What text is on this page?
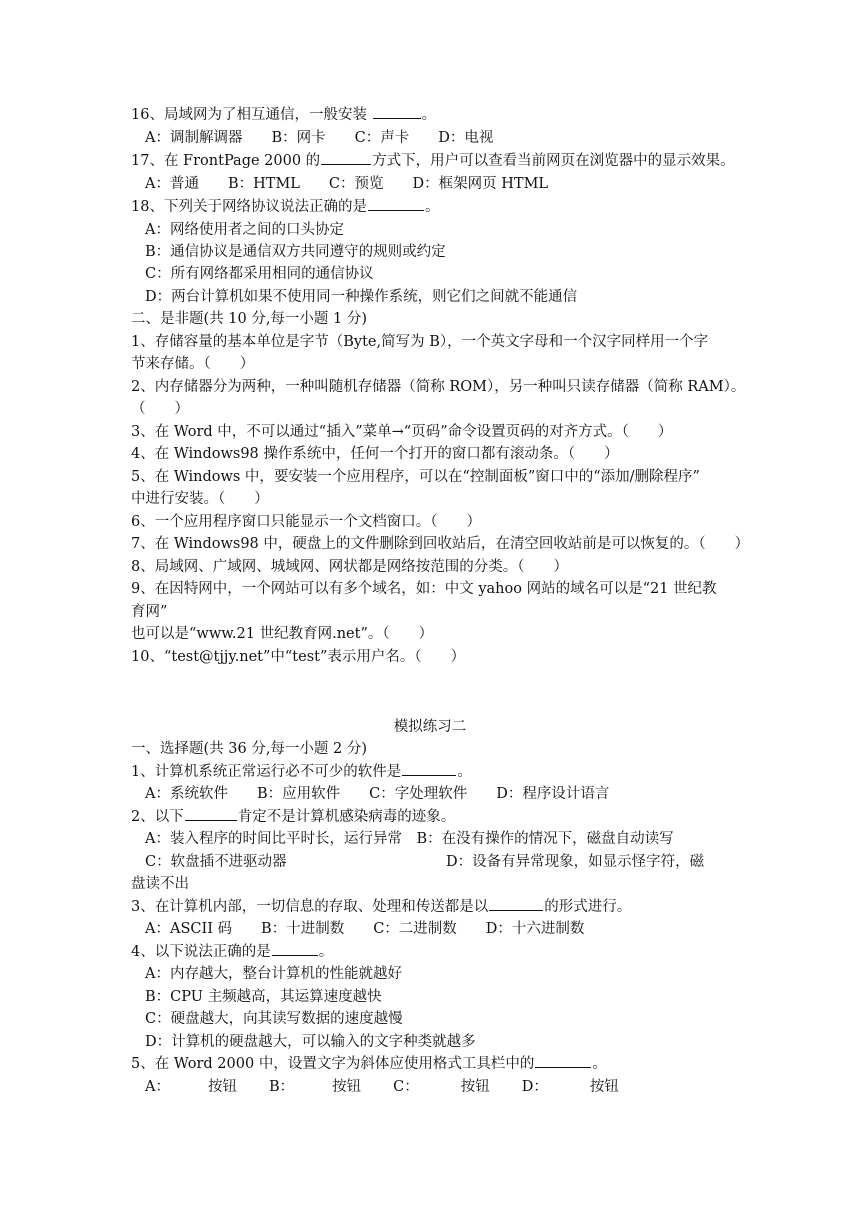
16、局域网为了相互通信，一般安装	。
A：调制解调器　　B：网卡　　C：声卡　　D：电视
17、在 FrontPage 2000 的	方式下，用户可以查看当前网页在浏览器中的显示效果。
A：普通　　B：HTML　　C：预览　　D：框架网页 HTML
18、下列关于网络协议说法正确的是	。
A：网络使用者之间的口头协定
B：通信协议是通信双方共同遵守的规则或约定
C：所有网络都采用相同的通信协议
D：两台计算机如果不使用同一种操作系统，则它们之间就不能通信
二、是非题(共 10 分,每一小题 1 分)
1、存储容量的基本单位是字节（Byte,简写为 B），一个英文字母和一个汉字同样用一个字
节来存储。（　　）
2、内存储器分为两种，一种叫随机存储器（简称 ROM），另一种叫只读存储器（简称 RAM）。
（　　）
3、在 Word 中，不可以通过“插入”菜单→“页码”命令设置页码的对齐方式。（　　）
4、在 Windows98 操作系统中，任何一个打开的窗口都有滚动条。（　　）
5、在 Windows 中，要安装一个应用程序，可以在“控制面板”窗口中的“添加/删除程序”
中进行安装。（　　）
6、一个应用程序窗口只能显示一个文档窗口。（　　）
7、在 Windows98 中，硬盘上的文件删除到回收站后，在清空回收站前是可以恢复的。（　　）
8、局域网、广域网、城域网、网状都是网络按范围的分类。（　　）
9、在因特网中，一个网站可以有多个域名，如：中文 yahoo 网站的域名可以是“21 世纪教
育网”
也可以是“www.21 世纪教育网.net”。（　　）
10、“test@tjjy.net”中“test”表示用户名。（　　）
模拟练习二
一、选择题(共 36 分,每一小题 2 分)
1、计算机系统正常运行必不可少的软件是	。
A：系统软件　　B：应用软件　　C：字处理软件　　D：程序设计语言
2、以下	肯定不是计算机感染病毒的迹象。
A：装入程序的时间比平时长，运行异常　B：在没有操作的情况下，磁盘自动读写
C：软盘插不进驱动器	D：设备有异常现象，如显示怪字符，磁
盘读不出
3、在计算机内部，一切信息的存取、处理和传送都是以	的形式进行。
A：ASCII 码　　B：十进制数　　C：二进制数　　D：十六进制数
4、以下说法正确的是	。
A：内存越大，整台计算机的性能就越好
B：CPU 主频越高，其运算速度越快
C：硬盘越大，向其读写数据的速度越慢
D：计算机的硬盘越大，可以输入的文字种类就越多
5、在 Word 2000 中，设置文字为斜体应使用格式工具栏中的	。
A：	按钮 B：	按钮 C：	按钮 D：	按钮
